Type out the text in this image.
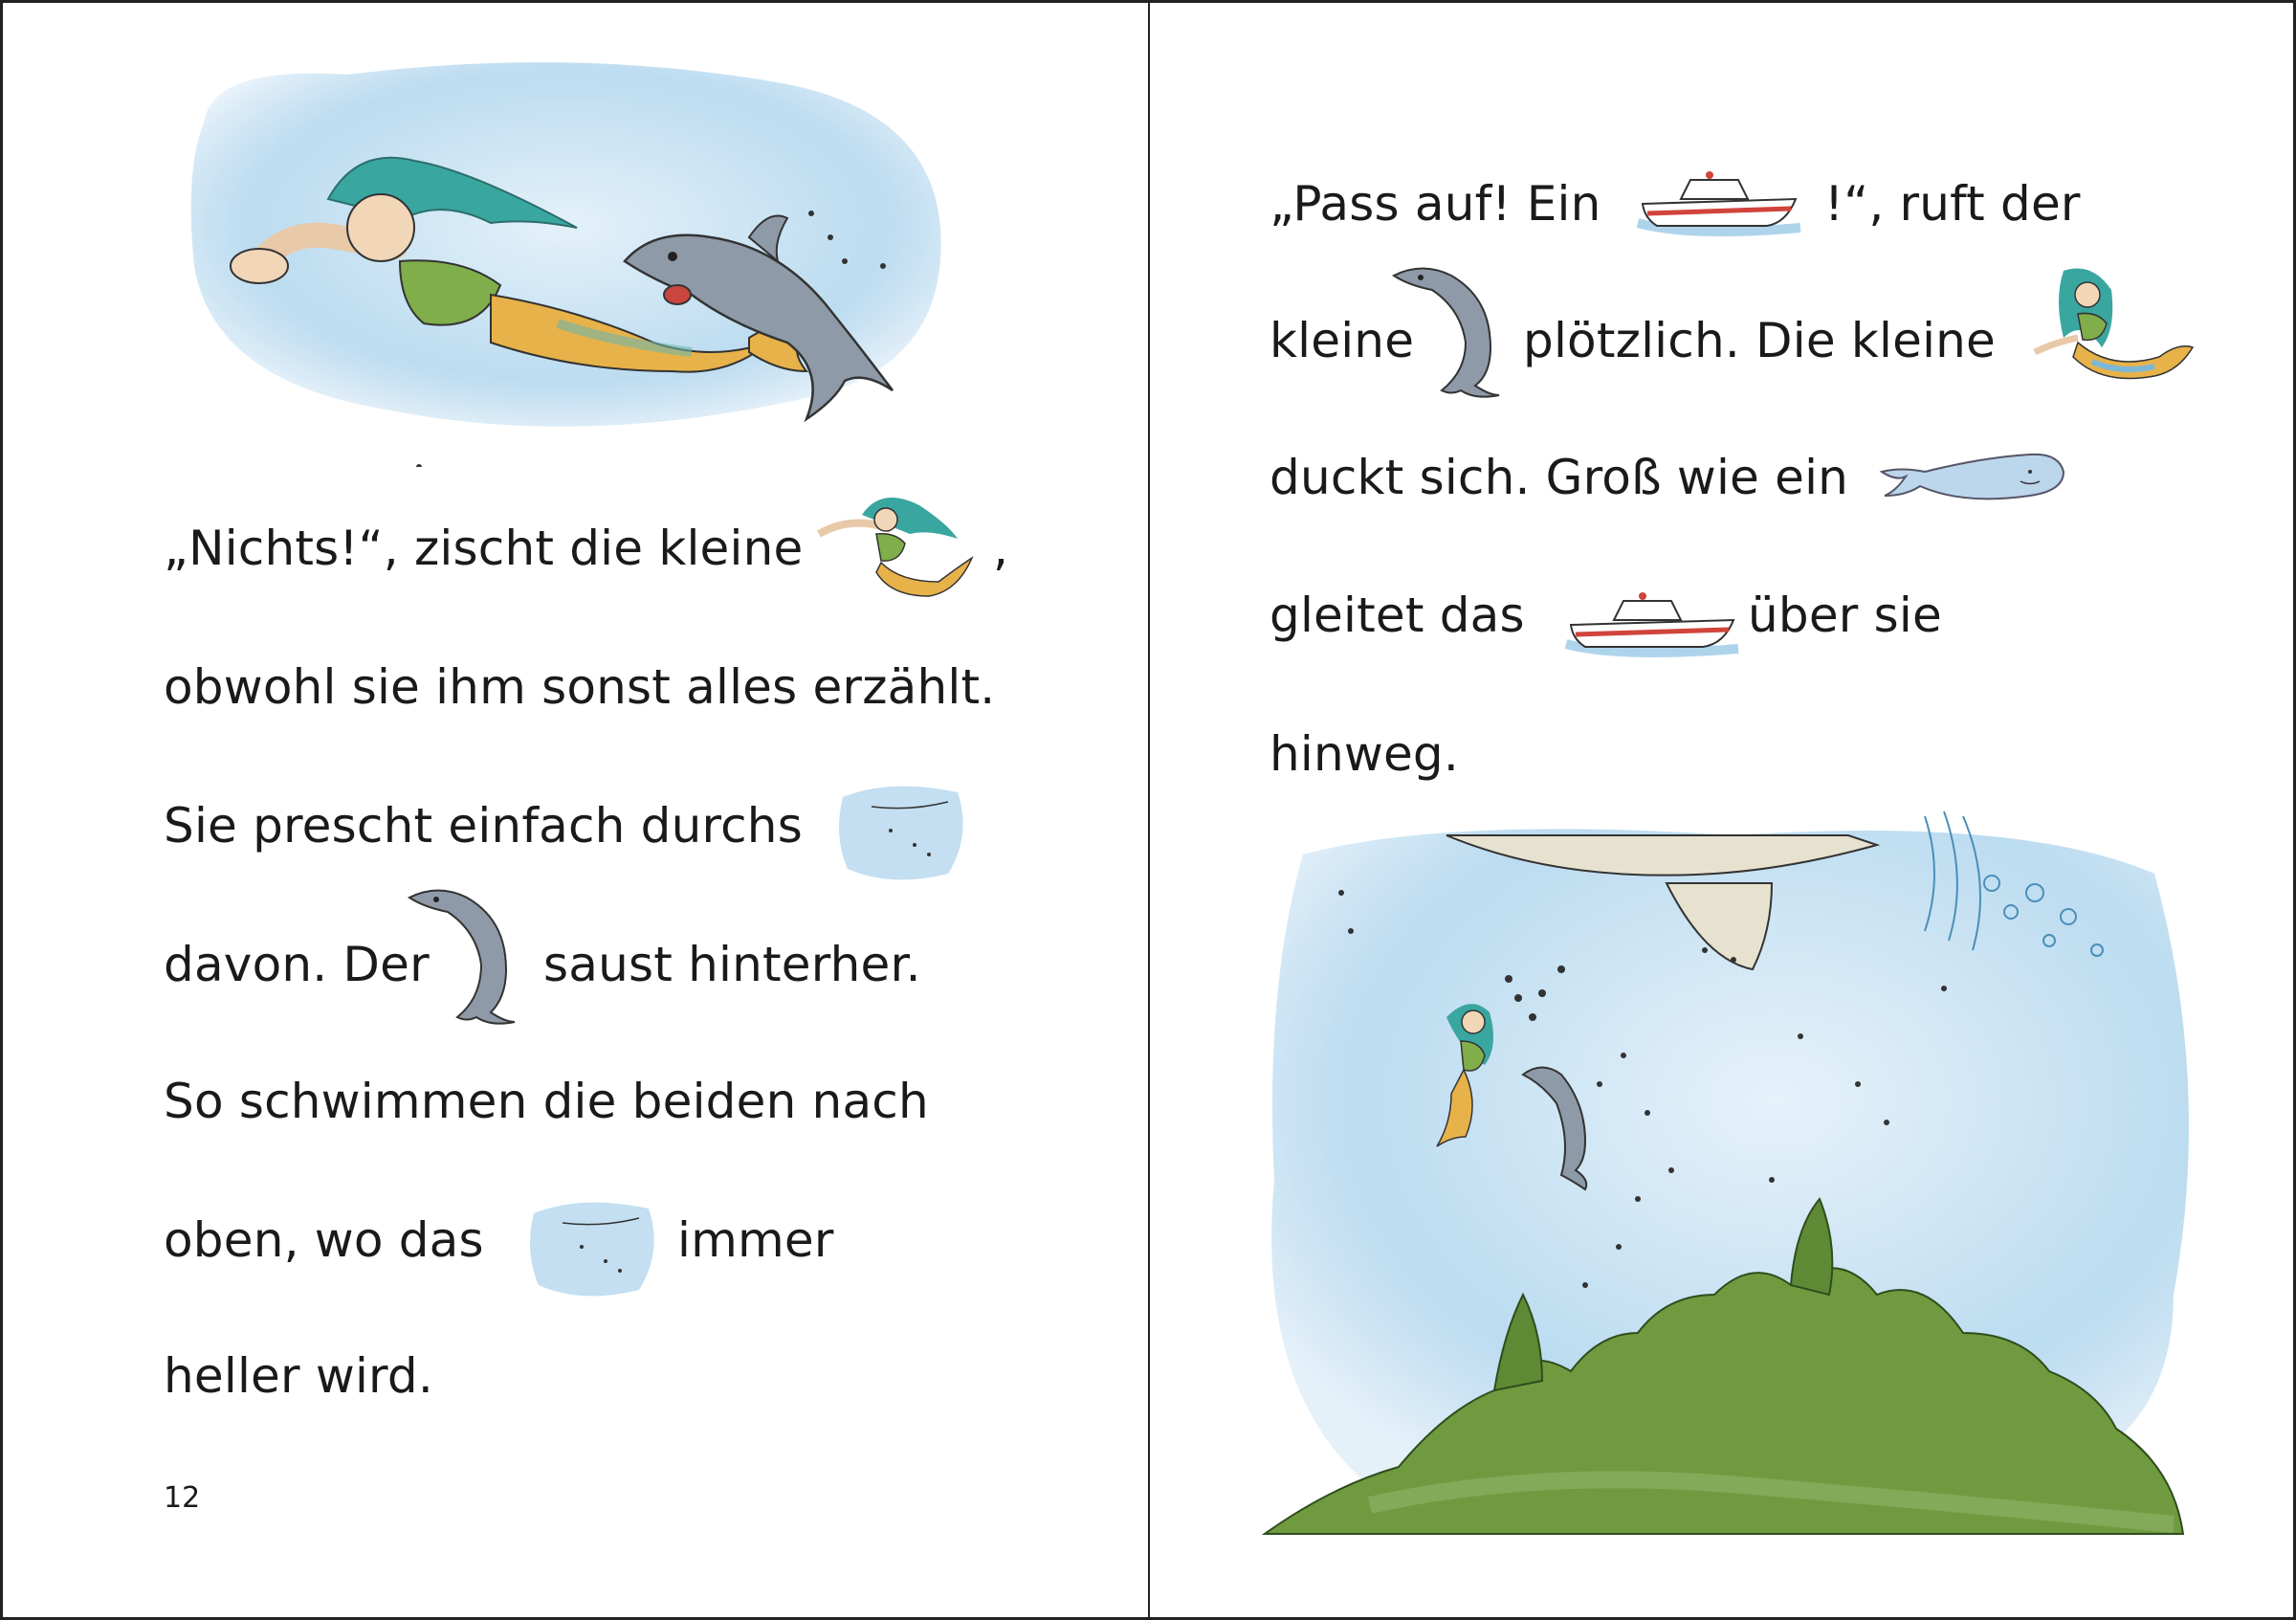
„Nichts!“, zischt die kleine	,
obwohl sie ihm sonst alles erzählt.
Sie prescht einfach durchs
davon. Der saust hinterher.
So schwimmen die beiden nach
oben, wo das	immer
heller wird.
12
„Pass auf! Ein	!“, ruft der
kleine plötzlich. Die kleine
duckt sich. Groß wie ein
gleitet das	über sie
hinweg.
